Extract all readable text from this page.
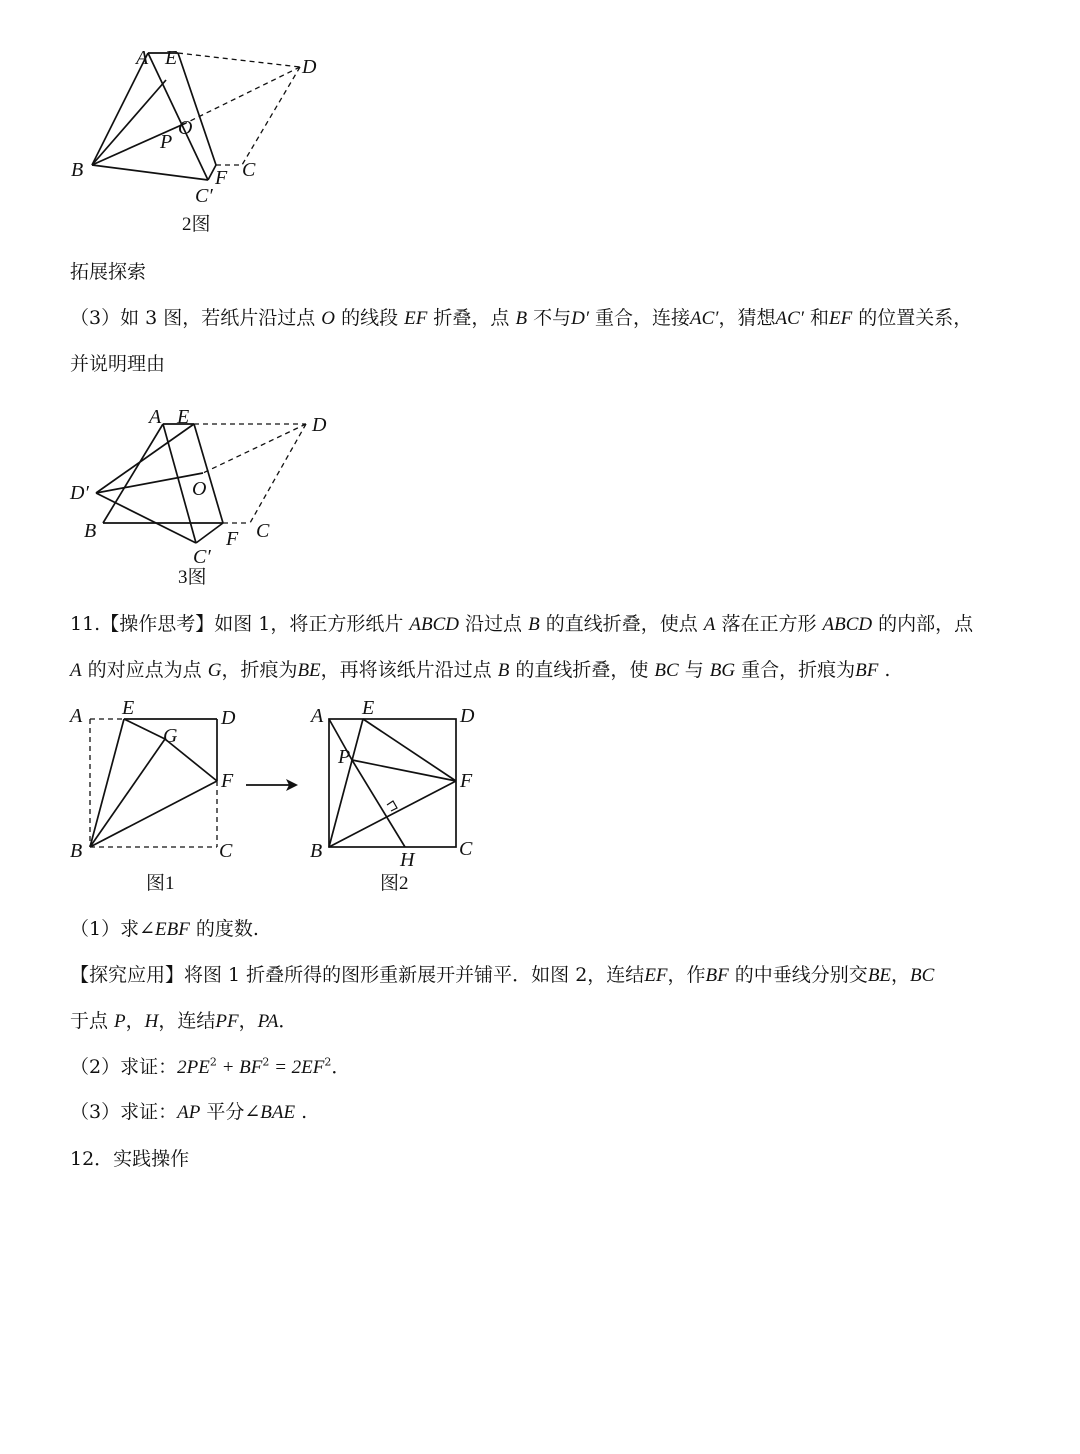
A E	D
O
P
B	F C
C′
2图
拓展探索
（3）如 3 图，若纸片沿过点 O 的线段 EF 折叠，点 B 不与D′ 重合，连接AC′，猜想AC′ 和EF 的位置关系，
并说明理由
A E	D
D′	O
B	F C
C′
3图
11.【操作思考】如图 1，将正方形纸片 ABCD 沿过点 B 的直线折叠，使点 A 落在正方形 ABCD 的内部，点
A 的对应点为点 G，折痕为BE，再将该纸片沿过点 B 的直线折叠，使 BC 与 BG 重合，折痕为BF .
A E	D
G
F
B	C
图1
A E	D
P
F
B	H C
图2
（1）求∠EBF 的度数.
【探究应用】将图 1 折叠所得的图形重新展开并铺平．如图 2，连结EF，作BF 的中垂线分别交BE，BC
于点 P，H，连结PF，PA．
（2）求证：$2PE^2 + BF^2 = 2EF^2$．
（3）求证：AP 平分∠BAE .
12．实践操作
